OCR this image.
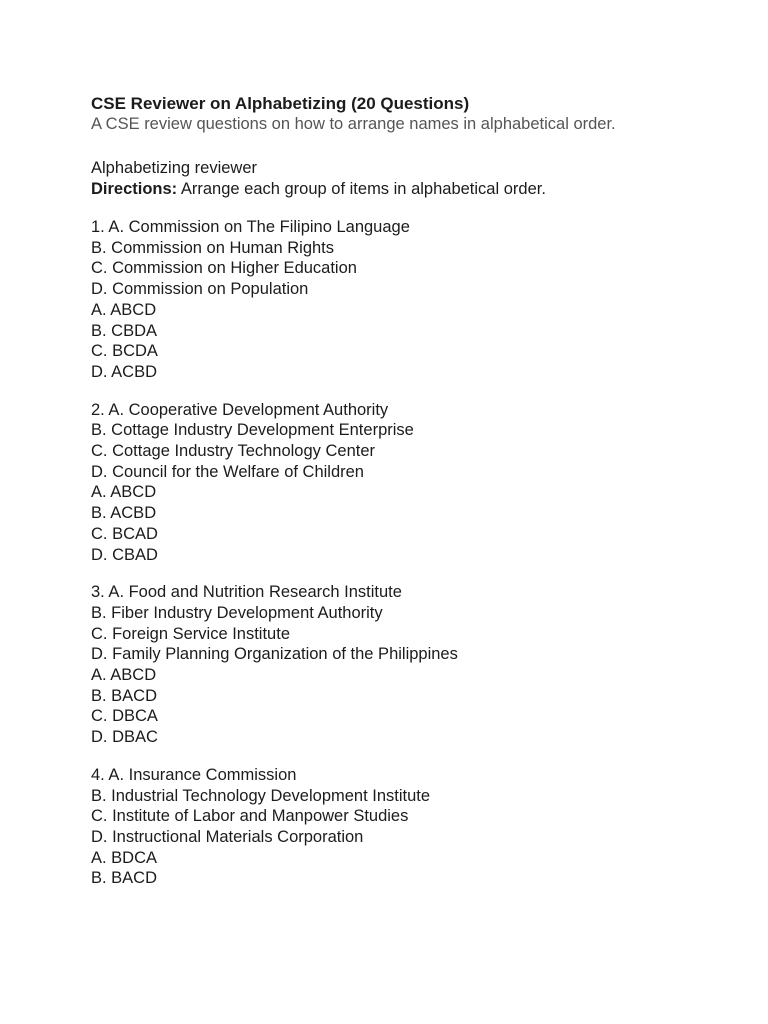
CSE Reviewer on Alphabetizing (20 Questions)

A CSE review questions on how to arrange names in alphabetical order.

Alphabetizing reviewer

Directions: Arrange each group of items in alphabetical order.

1. A. Commission on The Filipino Language

B. Commission on Human Rights

C. Commission on Higher Education

D. Commission on Population

A. ABCD

B. CBDA

C. BCDA

D. ACBD

2. A. Cooperative Development Authority

B. Cottage Industry Development Enterprise

C. Cottage Industry Technology Center

D. Council for the Welfare of Children

A. ABCD

B. ACBD

C. BCAD

D. CBAD

3. A. Food and Nutrition Research Institute

B. Fiber Industry Development Authority

C. Foreign Service Institute

D. Family Planning Organization of the Philippines

A. ABCD

B. BACD

C. DBCA

D. DBAC

4. A. Insurance Commission

B. Industrial Technology Development Institute

C. Institute of Labor and Manpower Studies

D. Instructional Materials Corporation

A. BDCA

B. BACD
